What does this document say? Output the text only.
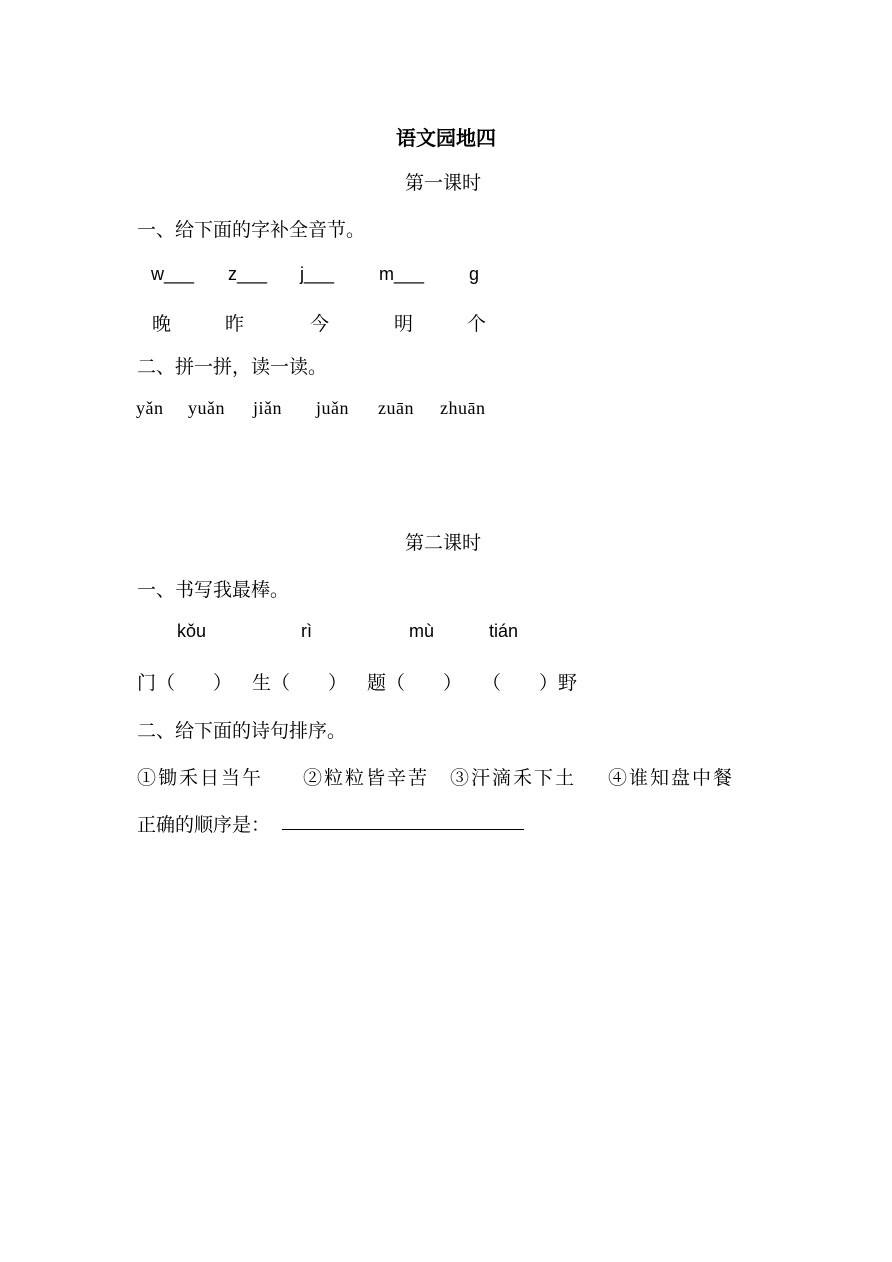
语文园地四
第一课时
一、给下面的字补全音节。
w___ z___ j___ m___ g
晚	昨	今	明	个
二、拼一拼，读一读。
yǎn yuǎn jiǎn juǎn zuān zhuān
第二课时
一、书写我最棒。
kǒu	rì	mù	tián
门（　　） 生（　　） 题（　　） （　　）野
二、给下面的诗句排序。
①锄禾日当午 ②粒粒皆辛苦 ③汗滴禾下土 ④谁知盘中餐
正确的顺序是：
